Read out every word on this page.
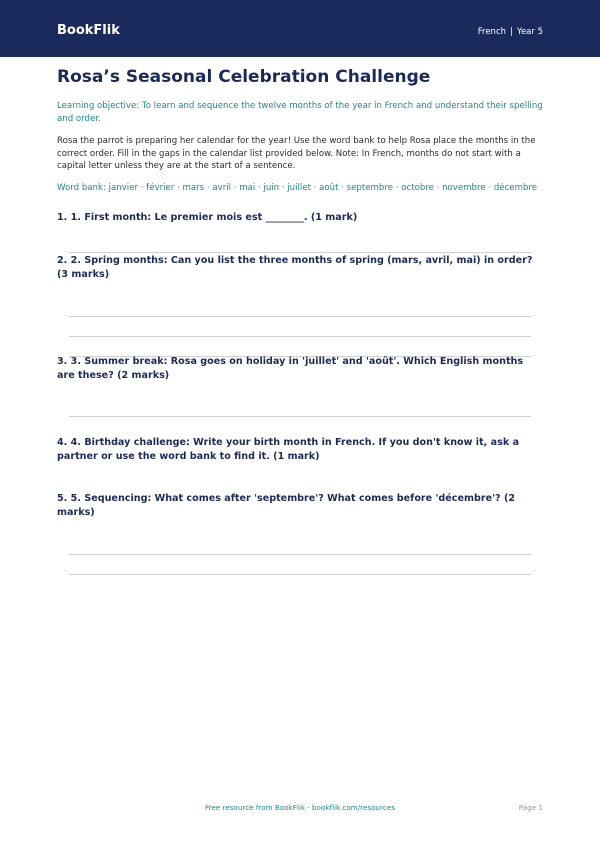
BookFlik	French | Year 5
Rosa’s Seasonal Celebration Challenge
Learning objective: To learn and sequence the twelve months of the year in French and understand their spelling and order.
Rosa the parrot is preparing her calendar for the year! Use the word bank to help Rosa place the months in the correct order. Fill in the gaps in the calendar list provided below. Note: In French, months do not start with a capital letter unless they are at the start of a sentence.
Word bank: janvier · février · mars · avril · mai · juin · juillet · août · septembre · octobre · novembre · décembre
1. 1. First month: Le premier mois est ________. (1 mark)
2. 2. Spring months: Can you list the three months of spring (mars, avril, mai) in order? (3 marks)
3. 3. Summer break: Rosa goes on holiday in 'juillet' and 'août'. Which English months are these? (2 marks)
4. 4. Birthday challenge: Write your birth month in French. If you don't know it, ask a partner or use the word bank to find it. (1 mark)
5. 5. Sequencing: What comes after 'septembre'? What comes before 'décembre'? (2 marks)
Free resource from BookFlik · bookflik.com/resources	Page 1
